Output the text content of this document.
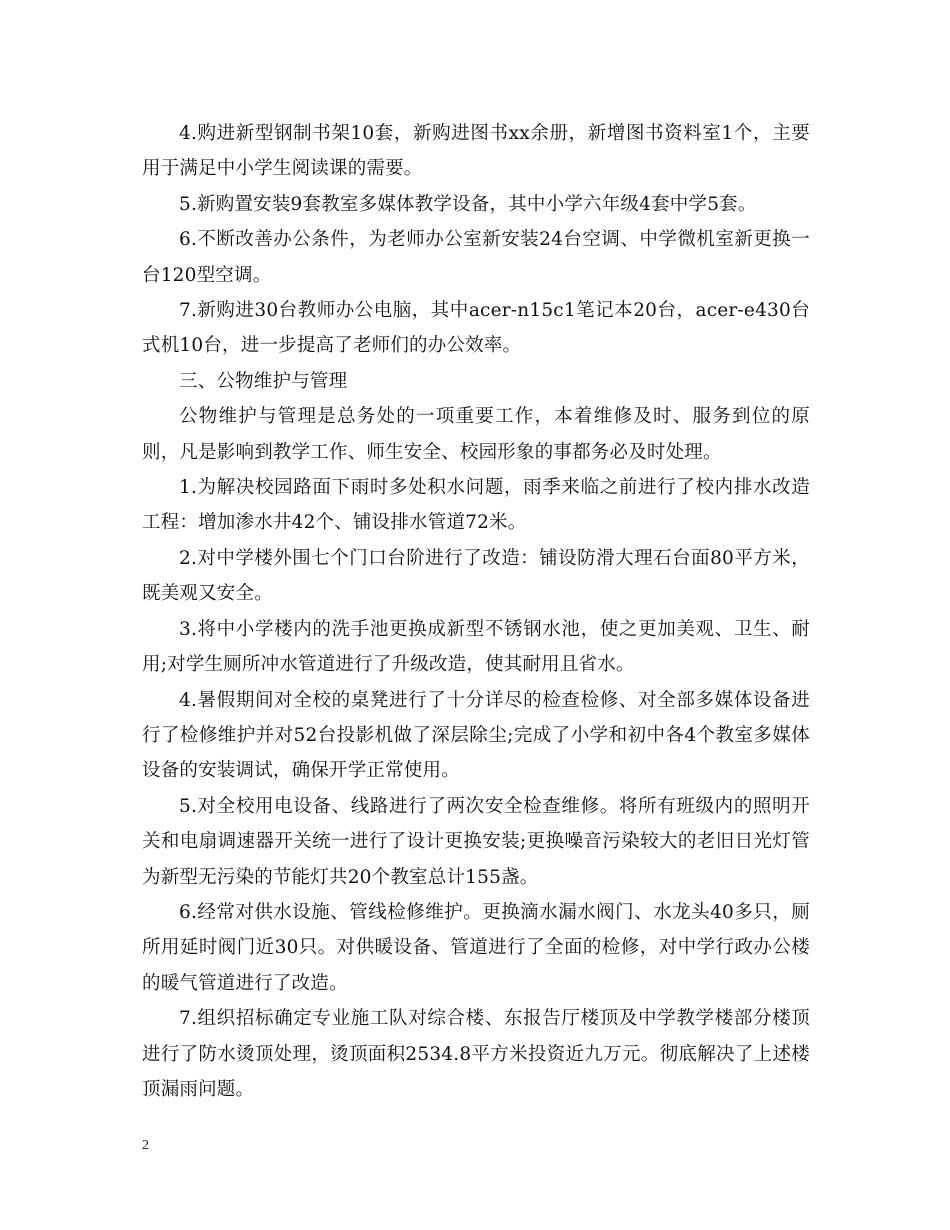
4.购进新型钢制书架10套，新购进图书xx余册，新增图书资料室1个，主要用于满足中小学生阅读课的需要。

5.新购置安装9套教室多媒体教学设备，其中小学六年级4套中学5套。

6.不断改善办公条件，为老师办公室新安装24台空调、中学微机室新更换一台120型空调。

7.新购进30台教师办公电脑，其中acer-n15c1笔记本20台，acer-e430台式机10台，进一步提高了老师们的办公效率。

三、公物维护与管理

公物维护与管理是总务处的一项重要工作，本着维修及时、服务到位的原则，凡是影响到教学工作、师生安全、校园形象的事都务必及时处理。

1.为解决校园路面下雨时多处积水问题，雨季来临之前进行了校内排水改造工程：增加渗水井42个、铺设排水管道72米。

2.对中学楼外围七个门口台阶进行了改造：铺设防滑大理石台面80平方米，既美观又安全。

3.将中小学楼内的洗手池更换成新型不锈钢水池，使之更加美观、卫生、耐用;对学生厕所冲水管道进行了升级改造，使其耐用且省水。

4.暑假期间对全校的桌凳进行了十分详尽的检查检修、对全部多媒体设备进行了检修维护并对52台投影机做了深层除尘;完成了小学和初中各4个教室多媒体设备的安装调试，确保开学正常使用。

5.对全校用电设备、线路进行了两次安全检查维修。将所有班级内的照明开关和电扇调速器开关统一进行了设计更换安装;更换噪音污染较大的老旧日光灯管为新型无污染的节能灯共20个教室总计155盏。

6.经常对供水设施、管线检修维护。更换滴水漏水阀门、水龙头40多只，厕所用延时阀门近30只。对供暖设备、管道进行了全面的检修，对中学行政办公楼的暖气管道进行了改造。

7.组织招标确定专业施工队对综合楼、东报告厅楼顶及中学教学楼部分楼顶进行了防水烫顶处理，烫顶面积2534.8平方米投资近九万元。彻底解决了上述楼顶漏雨问题。

2
